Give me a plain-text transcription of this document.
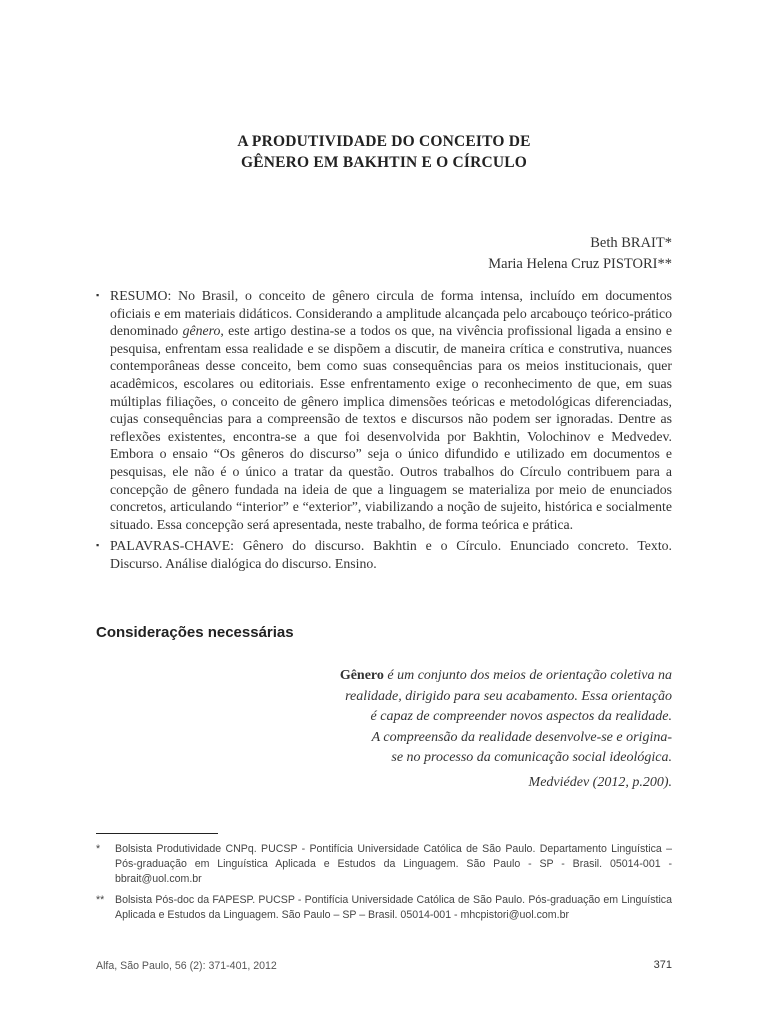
A PRODUTIVIDADE DO CONCEITO DE
GÊNERO EM BAKHTIN E O CÍRCULO
Beth BRAIT*
Maria Helena Cruz PISTORI**

▪ RESUMO: No Brasil, o conceito de gênero circula de forma intensa, incluído em documentos oficiais e em materiais didáticos. Considerando a amplitude alcançada pelo arcabouço teórico-prático denominado gênero, este artigo destina-se a todos os que, na vivência profissional ligada a ensino e pesquisa, enfrentam essa realidade e se dispõem a discutir, de maneira crítica e construtiva, nuances contemporâneas desse conceito, bem como suas consequências para os meios institucionais, quer acadêmicos, escolares ou editoriais. Esse enfrentamento exige o reconhecimento de que, em suas múltiplas filiações, o conceito de gênero implica dimensões teóricas e metodológicas diferenciadas, cujas consequências para a compreensão de textos e discursos não podem ser ignoradas. Dentre as reflexões existentes, encontra-se a que foi desenvolvida por Bakhtin, Volochinov e Medvedev. Embora o ensaio “Os gêneros do discurso” seja o único difundido e utilizado em documentos e pesquisas, ele não é o único a tratar da questão. Outros trabalhos do Círculo contribuem para a concepção de gênero fundada na ideia de que a linguagem se materializa por meio de enunciados concretos, articulando “interior” e “exterior”, viabilizando a noção de sujeito, histórica e socialmente situado. Essa concepção será apresentada, neste trabalho, de forma teórica e prática.

▪ PALAVRAS-CHAVE: Gênero do discurso. Bakhtin e o Círculo. Enunciado concreto. Texto. Discurso. Análise dialógica do discurso. Ensino.

Considerações necessárias
Gênero é um conjunto dos meios de orientação coletiva na
realidade, dirigido para seu acabamento. Essa orientação
é capaz de compreender novos aspectos da realidade.
A compreensão da realidade desenvolve-se e origina-
se no processo da comunicação social ideológica.
Medviédev (2012, p.200).
* Bolsista Produtividade CNPq. PUCSP - Pontifícia Universidade Católica de São Paulo. Departamento Linguística – Pós-graduação em Linguística Aplicada e Estudos da Linguagem. São Paulo - SP - Brasil. 05014-001 - bbrait@uol.com.br
** Bolsista Pós-doc da FAPESP. PUCSP - Pontifícia Universidade Católica de São Paulo. Pós-graduação em Linguística Aplicada e Estudos da Linguagem. São Paulo – SP – Brasil. 05014-001 - mhcpistori@uol.com.br
Alfa, São Paulo, 56 (2): 371-401, 2012	371
